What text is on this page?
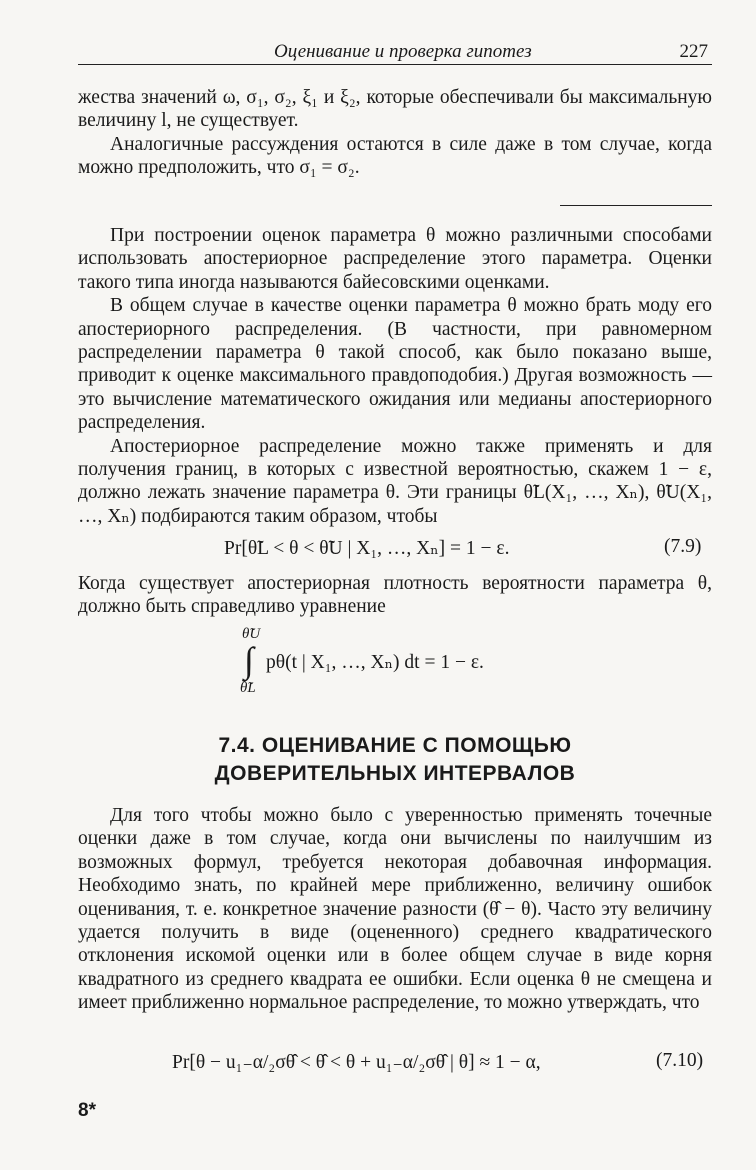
Оценивание и проверка гипотез	227

жества значений ω, σ₁, σ₂, ξ₁ и ξ₂, которые обеспечивали бы максимальную величину l, не существует.

Аналогичные рассуждения остаются в силе даже в том случае, когда можно предположить, что σ₁ = σ₂.

При построении оценок параметра θ можно различными способами использовать апостериорное распределение этого параметра. Оценки такого типа иногда называются байесовскими оценками.

В общем случае в качестве оценки параметра θ можно брать моду его апостериорного распределения. (В частности, при равномерном распределении параметра θ такой способ, как было показано выше, приводит к оценке максимального правдоподобия.) Другая возможность — это вычисление математического ожидания или медианы апостериорного распределения.

Апостериорное распределение можно также применять и для получения границ, в которых с известной вероятностью, скажем 1 − ε, должно лежать значение параметра θ. Эти границы θ̃L(X₁, …, Xₙ), θ̃U(X₁, …, Xₙ) подбираются таким образом, чтобы

Pr[θ̃L < θ < θ̃U | X₁, …, Xₙ] = 1 − ε.	(7.9)

Когда существует апостериорная плотность вероятности параметра θ, должно быть справедливо уравнение

θ̃U
∫
θ̃L
pθ(t | X₁, …, Xₙ) dt = 1 − ε.
7.4. ОЦЕНИВАНИЕ С ПОМОЩЬЮ
ДОВЕРИТЕЛЬНЫХ ИНТЕРВАЛОВ

Для того чтобы можно было с уверенностью применять точечные оценки даже в том случае, когда они вычислены по наилучшим из возможных формул, требуется некоторая добавочная информация. Необходимо знать, по крайней мере приближенно, величину ошибок оценивания, т. е. конкретное значение разности (θ̂ − θ). Часто эту величину удается получить в виде (оцененного) среднего квадратического отклонения искомой оценки или в более общем случае в виде корня квадратного из среднего квадрата ее ошибки. Если оценка θ не смещена и имеет приближенно нормальное распределение, то можно утверждать, что

Pr[θ − u₁₋α/₂σθ̂ < θ̂ < θ + u₁₋α/₂σθ̂ | θ] ≈ 1 − α,	(7.10)
8*
